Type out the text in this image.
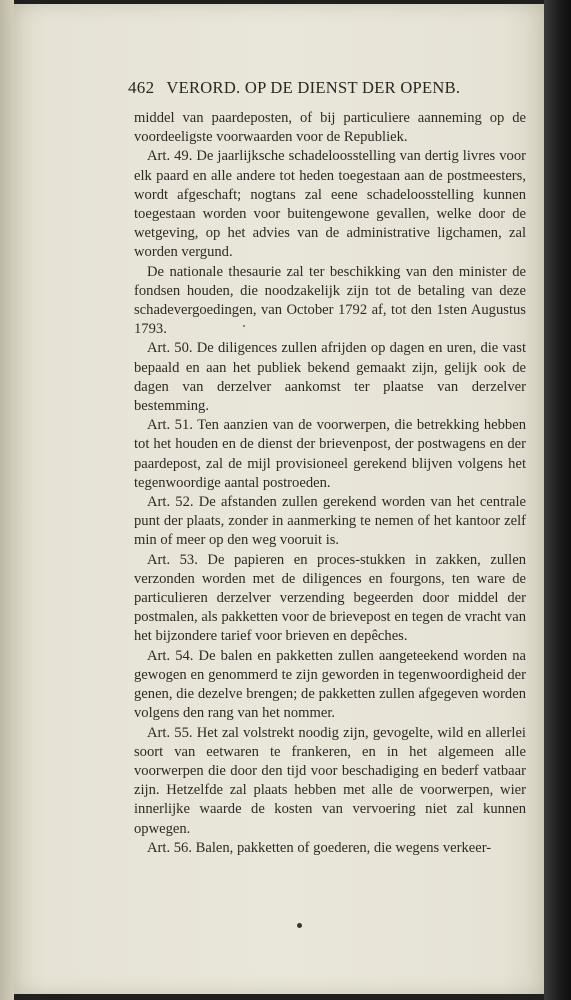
462 VERORD. OP DE DIENST DER OPENB.

middel van paardeposten, of bij particuliere aanneming op de voordeeligste voorwaarden voor de Republiek.

Art. 49. De jaarlijksche schadeloosstelling van dertig livres voor elk paard en alle andere tot heden toegestaan aan de postmeesters, wordt afgeschaft; nogtans zal eene schadeloosstelling kunnen toegestaan worden voor buitengewone gevallen, welke door de wetgeving, op het advies van de administrative ligchamen, zal worden vergund.

De nationale thesaurie zal ter beschikking van den minister de fondsen houden, die noodzakelijk zijn tot de betaling van deze schadevergoedingen, van October 1792 af, tot den 1sten Augustus 1793.

Art. 50. De diligences zullen afrijden op dagen en uren, die vast bepaald en aan het publiek bekend gemaakt zijn, gelijk ook de dagen van derzelver aankomst ter plaatse van derzelver bestemming.

Art. 51. Ten aanzien van de voorwerpen, die betrekking hebben tot het houden en de dienst der brievenpost, der postwagens en der paardepost, zal de mijl provisioneel gerekend blijven volgens het tegenwoordige aantal postroeden.

Art. 52. De afstanden zullen gerekend worden van het centrale punt der plaats, zonder in aanmerking te nemen of het kantoor zelf min of meer op den weg vooruit is.

Art. 53. De papieren en proces-stukken in zakken, zullen verzonden worden met de diligences en fourgons, ten ware de particulieren derzelver verzending begeerden door middel der postmalen, als pakketten voor de brievepost en tegen de vracht van het bijzondere tarief voor brieven en depêches.

Art. 54. De balen en pakketten zullen aangeteekend worden na gewogen en genommerd te zijn geworden in tegenwoordigheid der genen, die dezelve brengen; de pakketten zullen afgegeven worden volgens den rang van het nommer.

Art. 55. Het zal volstrekt noodig zijn, gevogelte, wild en allerlei soort van eetwaren te frankeren, en in het algemeen alle voorwerpen die door den tijd voor beschadiging en bederf vatbaar zijn. Hetzelfde zal plaats hebben met alle de voorwerpen, wier innerlijke waarde de kosten van vervoering niet zal kunnen opwegen.

Art. 56. Balen, pakketten of goederen, die wegens verkeer-
